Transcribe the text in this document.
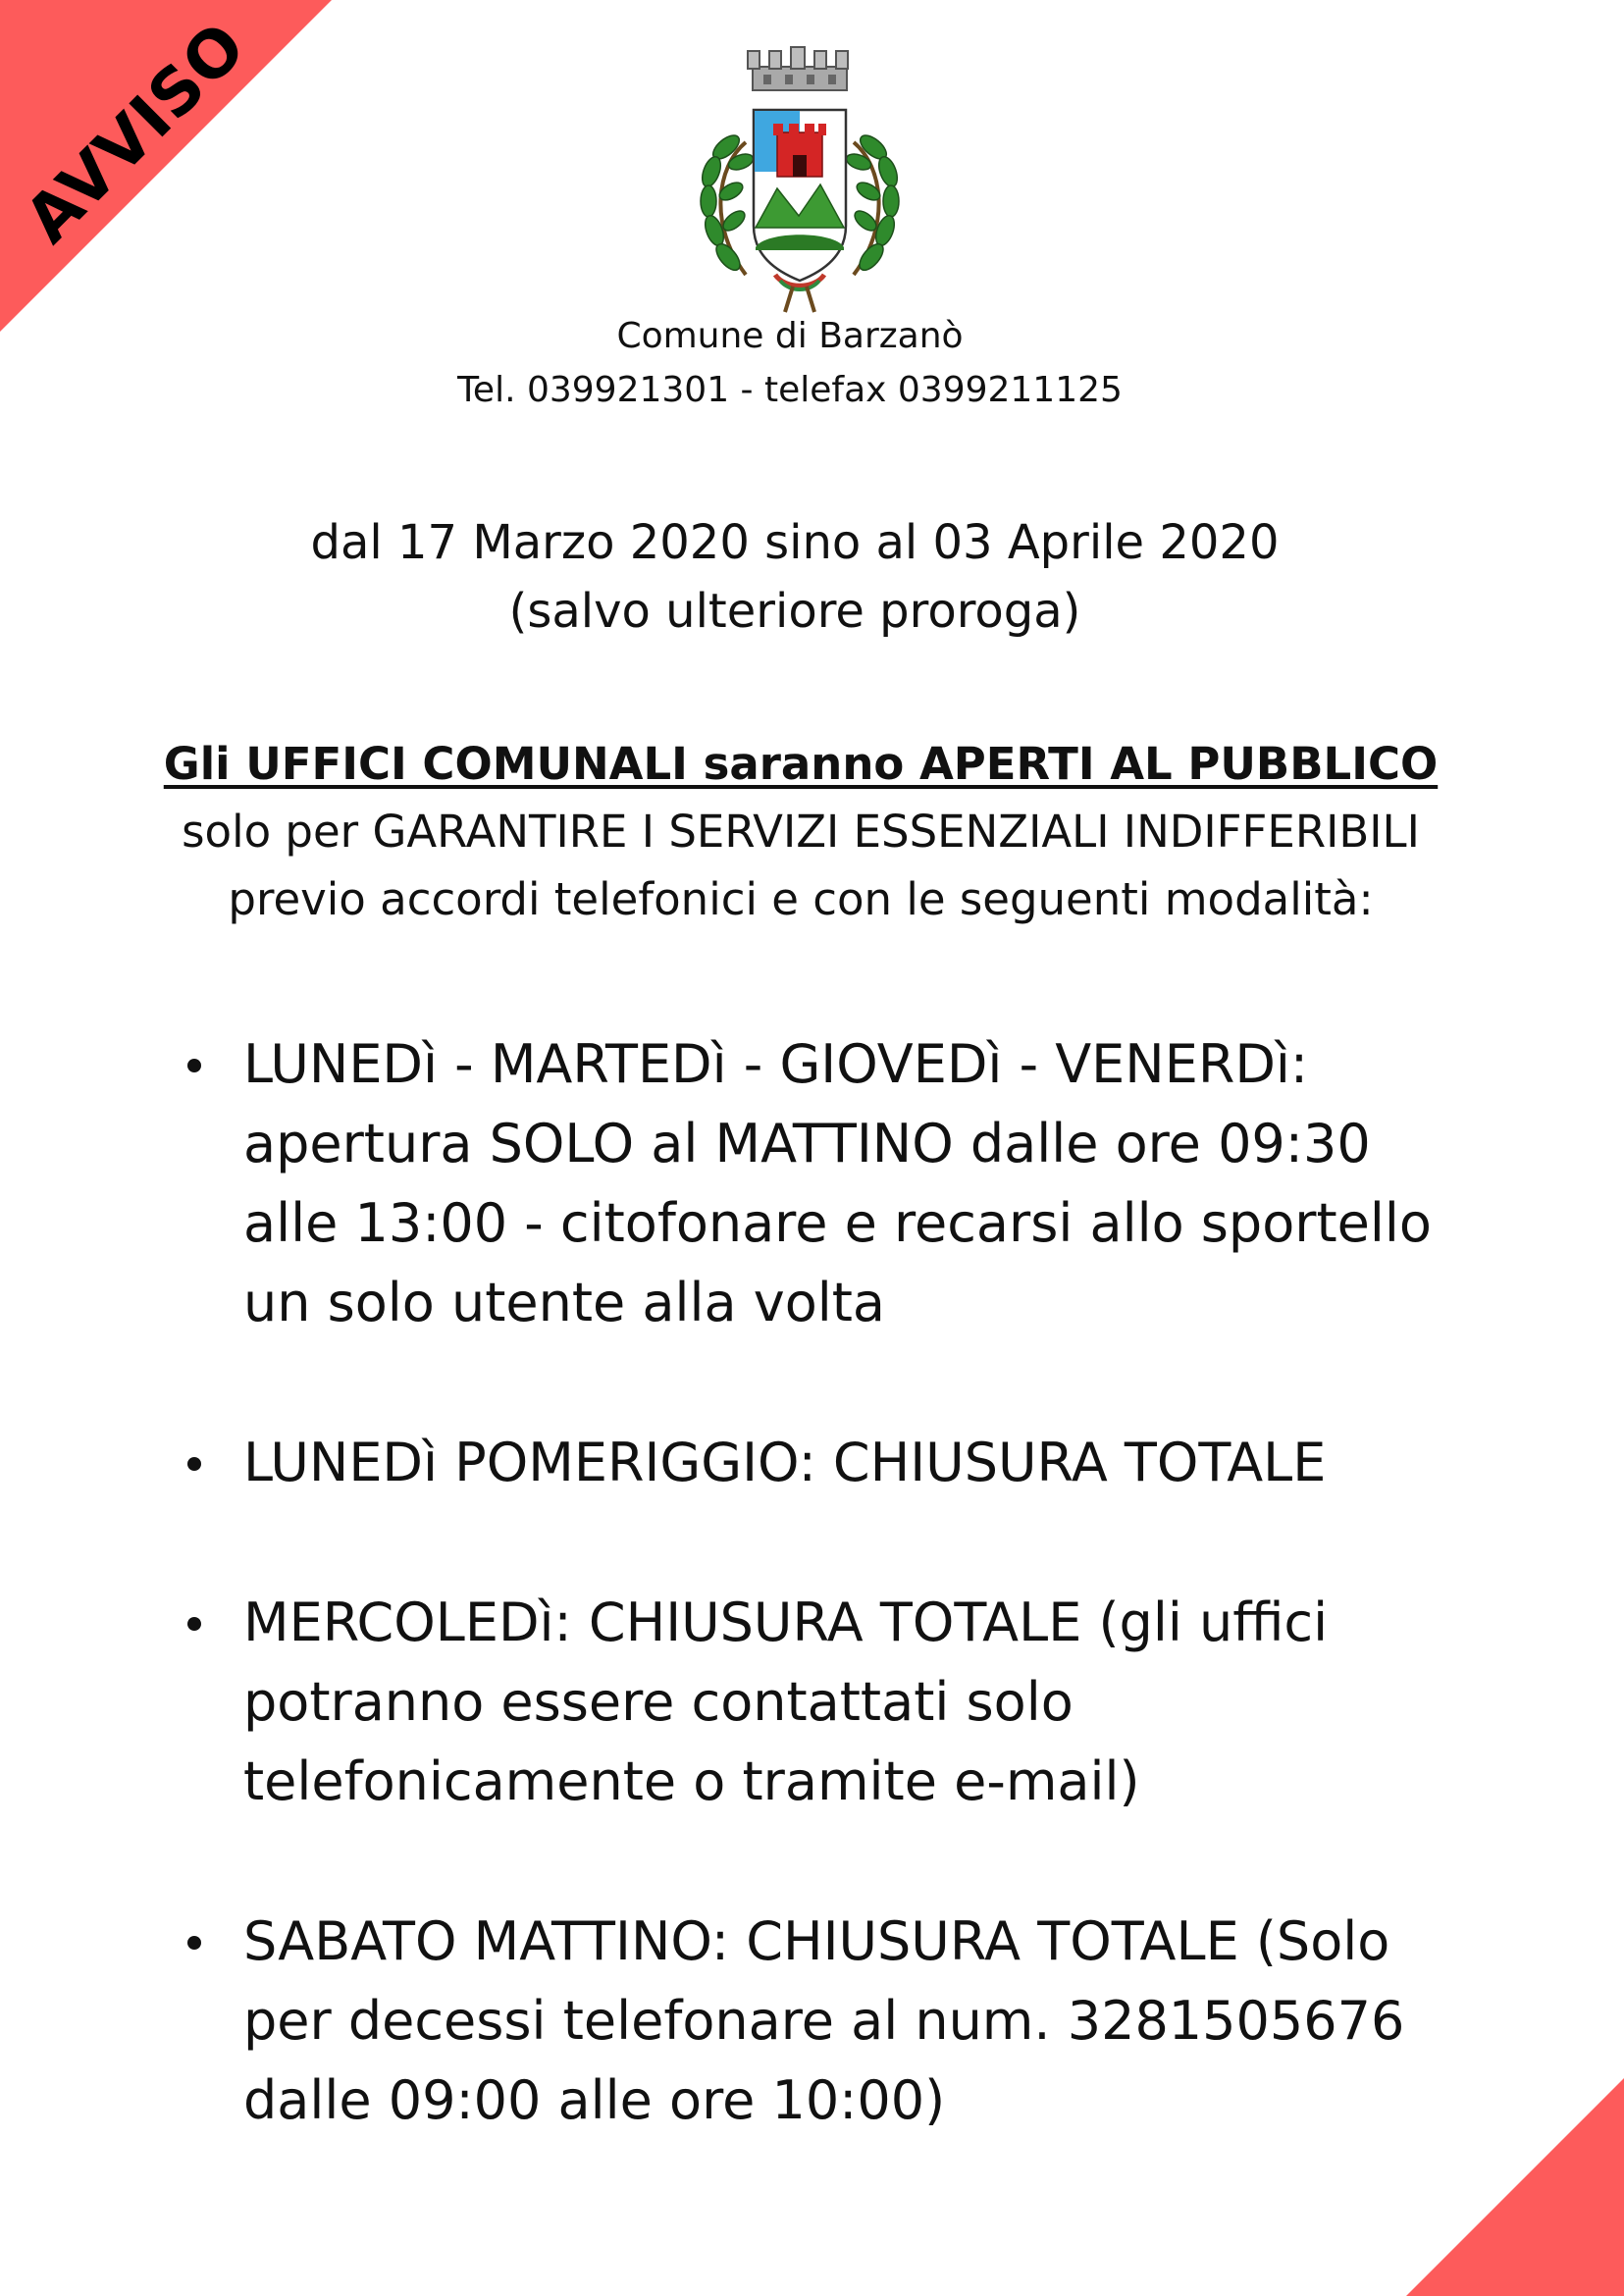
AVVISO
Comune di Barzanò
Tel. 039921301 - telefax 0399211125
dal 17 Marzo 2020 sino al 03 Aprile 2020
(salvo ulteriore proroga)
Gli UFFICI COMUNALI saranno APERTI AL PUBBLICO
solo per GARANTIRE I SERVIZI ESSENZIALI INDIFFERIBILI
previo accordi telefonici e con le seguenti modalità:
LUNEDì - MARTEDì - GIOVEDì - VENERDì: apertura SOLO al MATTINO dalle ore 09:30 alle 13:00 - citofonare e recarsi allo sportello un solo utente alla volta
LUNEDì POMERIGGIO: CHIUSURA TOTALE
MERCOLEDì: CHIUSURA TOTALE (gli uffici potranno essere contattati solo telefonicamente o tramite e-mail)
SABATO MATTINO: CHIUSURA TOTALE (Solo per decessi telefonare al num. 3281505676 dalle 09:00 alle ore 10:00)
